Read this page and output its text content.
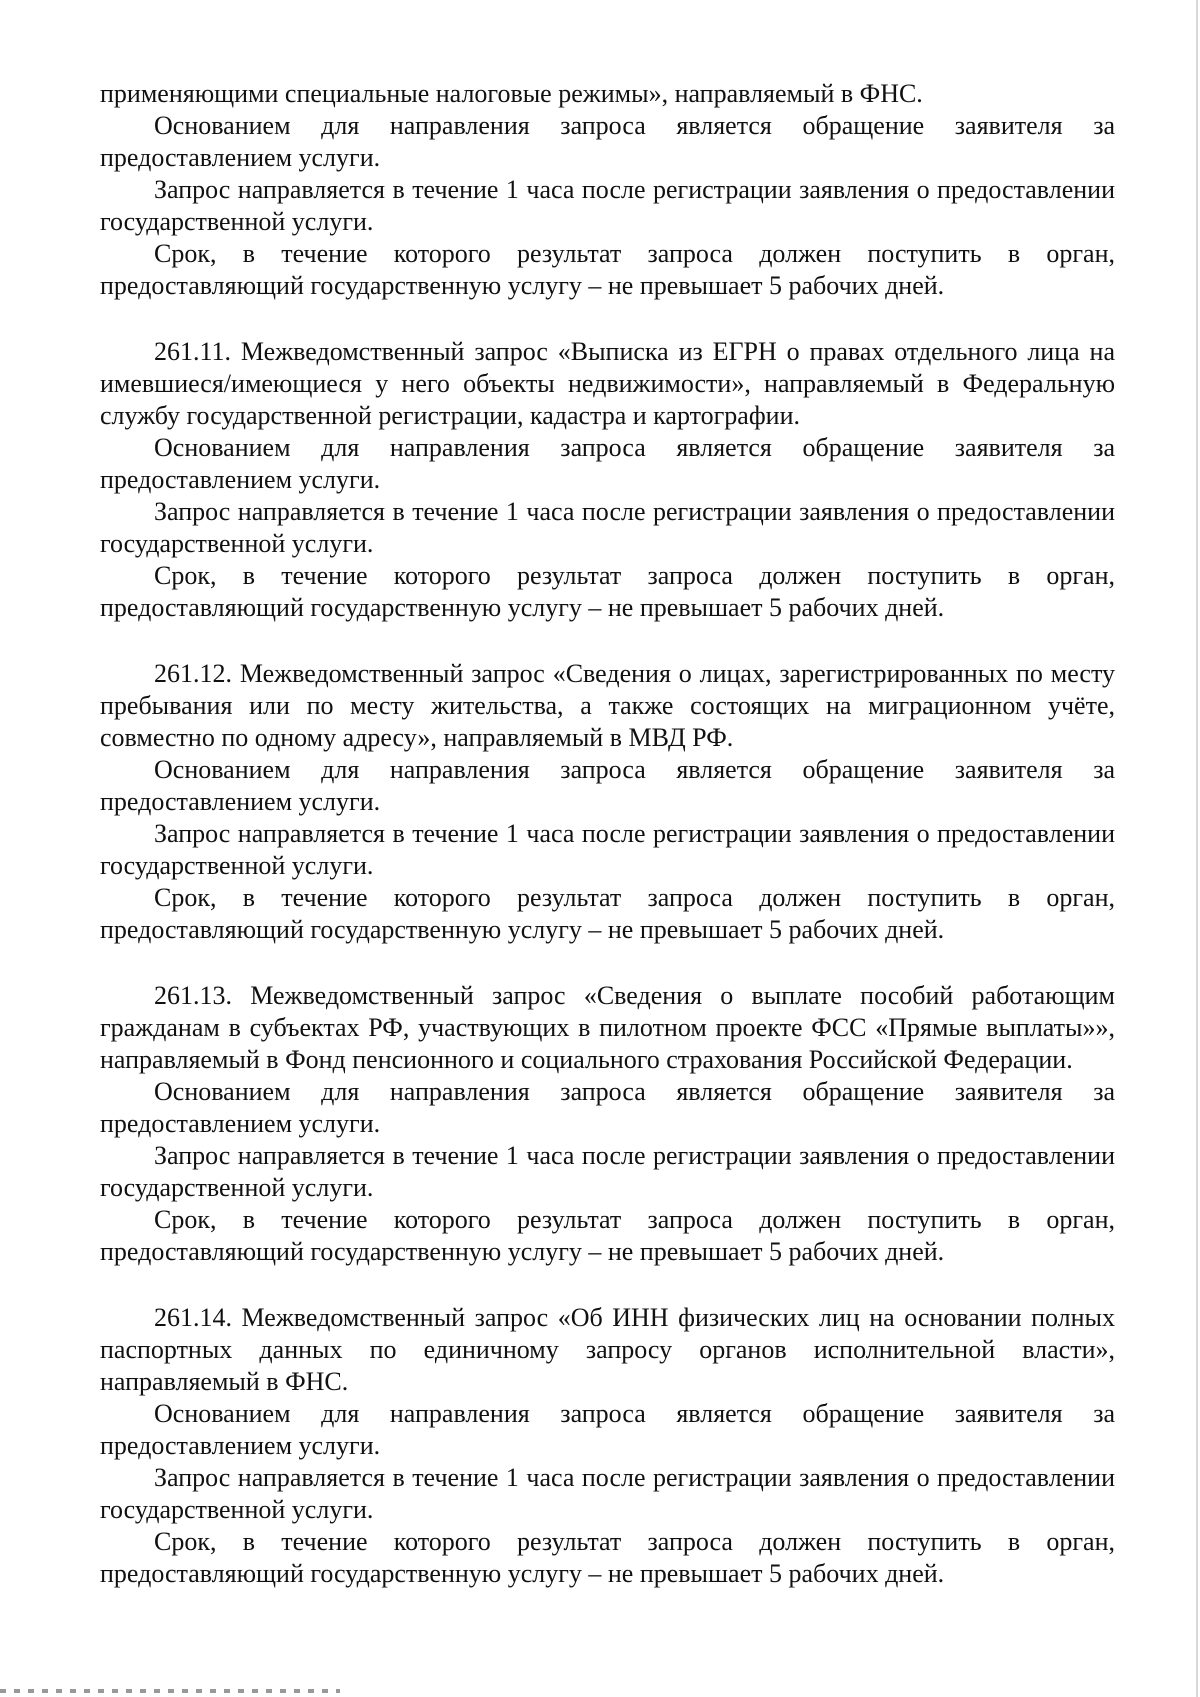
применяющими специальные налоговые режимы», направляемый в ФНС.

Основанием для направления запроса является обращение заявителя за предоставлением услуги.

Запрос направляется в течение 1 часа после регистрации заявления о предоставлении государственной услуги.

Срок, в течение которого результат запроса должен поступить в орган, предоставляющий государственную услугу – не превышает 5 рабочих дней.

261.11. Межведомственный запрос «Выписка из ЕГРН о правах отдельного лица на имевшиеся/имеющиеся у него объекты недвижимости», направляемый в Федеральную службу государственной регистрации, кадастра и картографии.

Основанием для направления запроса является обращение заявителя за предоставлением услуги.

Запрос направляется в течение 1 часа после регистрации заявления о предоставлении государственной услуги.

Срок, в течение которого результат запроса должен поступить в орган, предоставляющий государственную услугу – не превышает 5 рабочих дней.

261.12. Межведомственный запрос «Сведения о лицах, зарегистрированных по месту пребывания или по месту жительства, а также состоящих на миграционном учёте, совместно по одному адресу», направляемый в МВД РФ.

Основанием для направления запроса является обращение заявителя за предоставлением услуги.

Запрос направляется в течение 1 часа после регистрации заявления о предоставлении государственной услуги.

Срок, в течение которого результат запроса должен поступить в орган, предоставляющий государственную услугу – не превышает 5 рабочих дней.

261.13. Межведомственный запрос «Сведения о выплате пособий работающим гражданам в субъектах РФ, участвующих в пилотном проекте ФСС «Прямые выплаты»», направляемый в Фонд пенсионного и социального страхования Российской Федерации.

Основанием для направления запроса является обращение заявителя за предоставлением услуги.

Запрос направляется в течение 1 часа после регистрации заявления о предоставлении государственной услуги.

Срок, в течение которого результат запроса должен поступить в орган, предоставляющий государственную услугу – не превышает 5 рабочих дней.

261.14. Межведомственный запрос «Об ИНН физических лиц на основании полных паспортных данных по единичному запросу органов исполнительной власти», направляемый в ФНС.

Основанием для направления запроса является обращение заявителя за предоставлением услуги.

Запрос направляется в течение 1 часа после регистрации заявления о предоставлении государственной услуги.

Срок, в течение которого результат запроса должен поступить в орган, предоставляющий государственную услугу – не превышает 5 рабочих дней.
